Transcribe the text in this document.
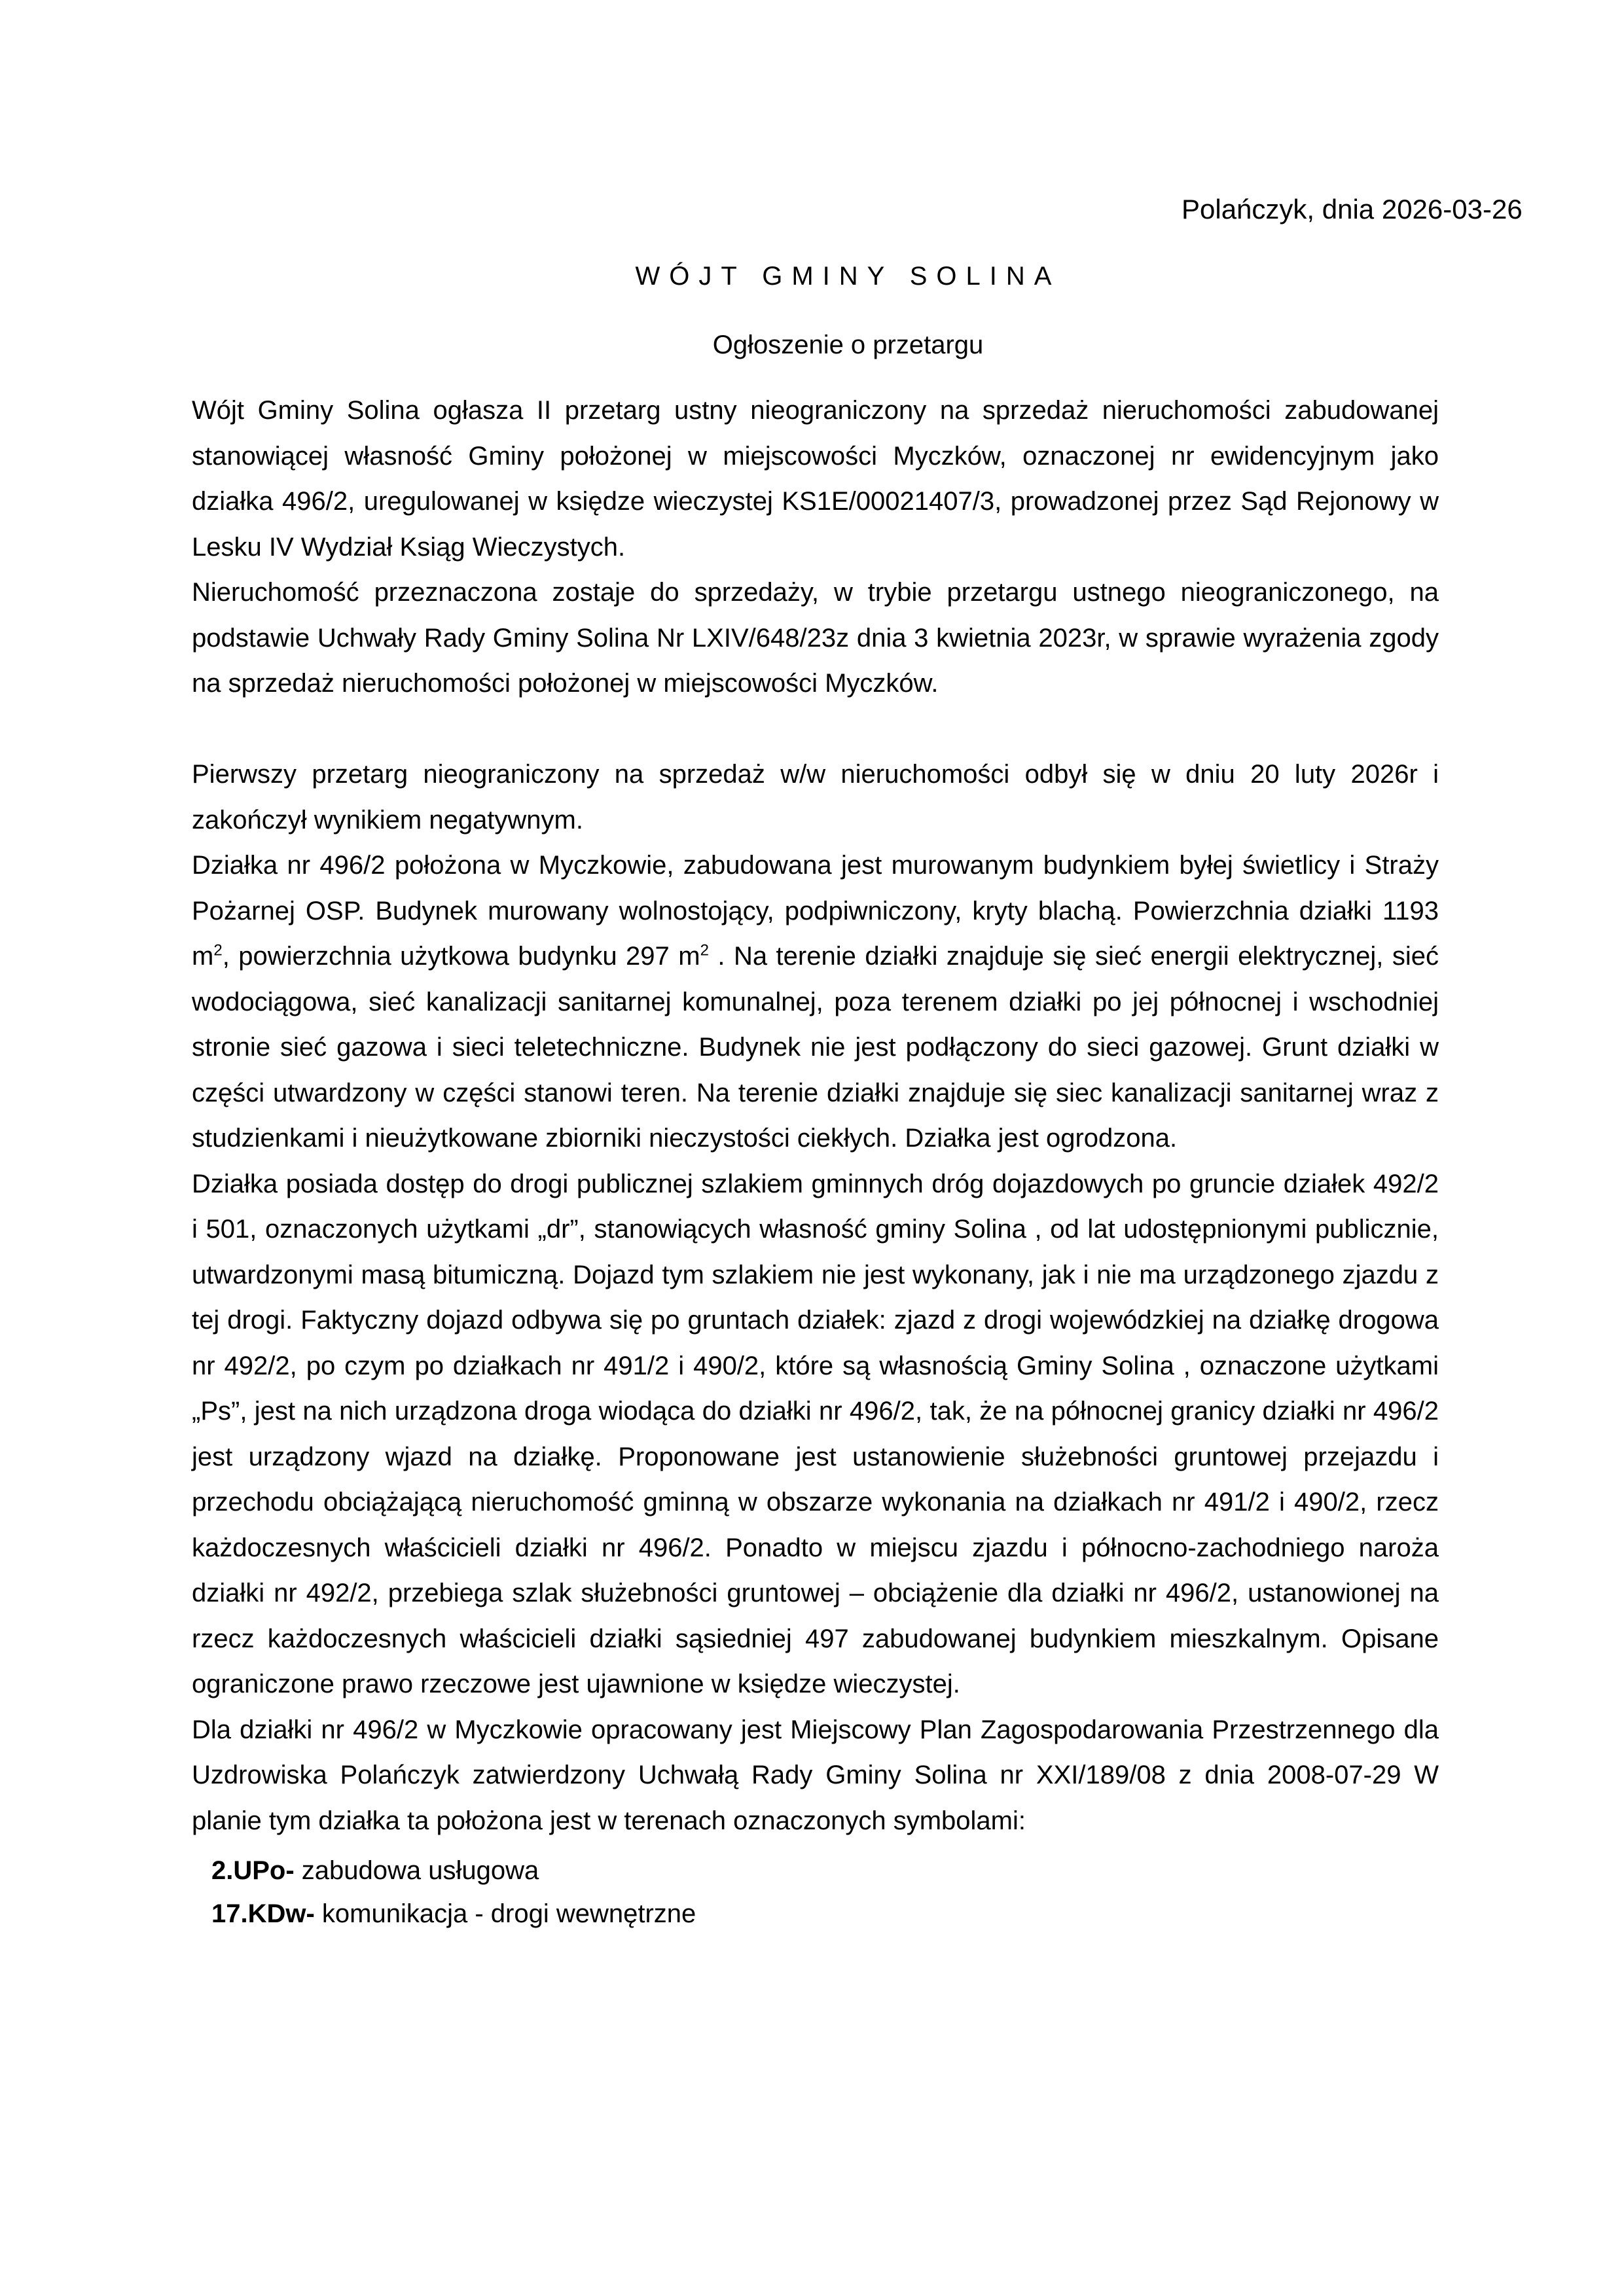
Polańczyk, dnia 2026-03-26
WÓJT GMINY SOLINA
Ogłoszenie o przetargu

Wójt Gminy Solina ogłasza II przetarg ustny nieograniczony na sprzedaż nieruchomości zabudowanej stanowiącej własność Gminy położonej w miejscowości Myczków, oznaczonej nr ewidencyjnym jako działka 496/2, uregulowanej w księdze wieczystej KS1E/00021407/3, prowadzonej przez Sąd Rejonowy w Lesku IV Wydział Ksiąg Wieczystych.

Nieruchomość przeznaczona zostaje do sprzedaży, w trybie przetargu ustnego nieograniczonego, na podstawie Uchwały Rady Gminy Solina Nr LXIV/648/23z dnia 3 kwietnia 2023r, w sprawie wyrażenia zgody na sprzedaż nieruchomości położonej w miejscowości Myczków.

Pierwszy przetarg nieograniczony na sprzedaż w/w nieruchomości odbył się w dniu 20 luty 2026r i zakończył wynikiem negatywnym.

Działka nr 496/2 położona w Myczkowie, zabudowana jest murowanym budynkiem byłej świetlicy i Straży Pożarnej OSP. Budynek murowany wolnostojący, podpiwniczony, kryty blachą. Powierzchnia działki 1193 $m^2$, powierzchnia użytkowa budynku 297 $m^2$ . Na terenie działki znajduje się sieć energii elektrycznej, sieć wodociągowa, sieć kanalizacji sanitarnej komunalnej, poza terenem działki po jej północnej i wschodniej stronie sieć gazowa i sieci teletechniczne. Budynek nie jest podłączony do sieci gazowej. Grunt działki w części utwardzony w części stanowi teren. Na terenie działki znajduje się siec kanalizacji sanitarnej wraz z studzienkami i nieużytkowane zbiorniki nieczystości ciekłych. Działka jest ogrodzona.

Działka posiada dostęp do drogi publicznej szlakiem gminnych dróg dojazdowych po gruncie działek 492/2 i 501, oznaczonych użytkami „dr”, stanowiących własność gminy Solina , od lat udostępnionymi publicznie, utwardzonymi masą bitumiczną. Dojazd tym szlakiem nie jest wykonany, jak i nie ma urządzonego zjazdu z tej drogi. Faktyczny dojazd odbywa się po gruntach działek: zjazd z drogi wojewódzkiej na działkę drogowa nr 492/2, po czym po działkach nr 491/2 i 490/2, które są własnością Gminy Solina , oznaczone użytkami „Ps”, jest na nich urządzona droga wiodąca do działki nr 496/2, tak, że na północnej granicy działki nr 496/2 jest urządzony wjazd na działkę. Proponowane jest ustanowienie służebności gruntowej przejazdu i przechodu obciążającą nieruchomość gminną w obszarze wykonania na działkach nr 491/2 i 490/2, rzecz każdoczesnych właścicieli działki nr 496/2. Ponadto w miejscu zjazdu i północno-zachodniego naroża działki nr 492/2, przebiega szlak służebności gruntowej – obciążenie dla działki nr 496/2, ustanowionej na rzecz każdoczesnych właścicieli działki sąsiedniej 497 zabudowanej budynkiem mieszkalnym. Opisane ograniczone prawo rzeczowe jest ujawnione w księdze wieczystej.

Dla działki nr 496/2 w Myczkowie opracowany jest Miejscowy Plan Zagospodarowania Przestrzennego dla Uzdrowiska Polańczyk zatwierdzony Uchwałą Rady Gminy Solina nr XXI/189/08 z dnia 2008-07-29 W planie tym działka ta położona jest w terenach oznaczonych symbolami:

2.UPo- zabudowa usługowa
17.KDw- komunikacja - drogi wewnętrzne
